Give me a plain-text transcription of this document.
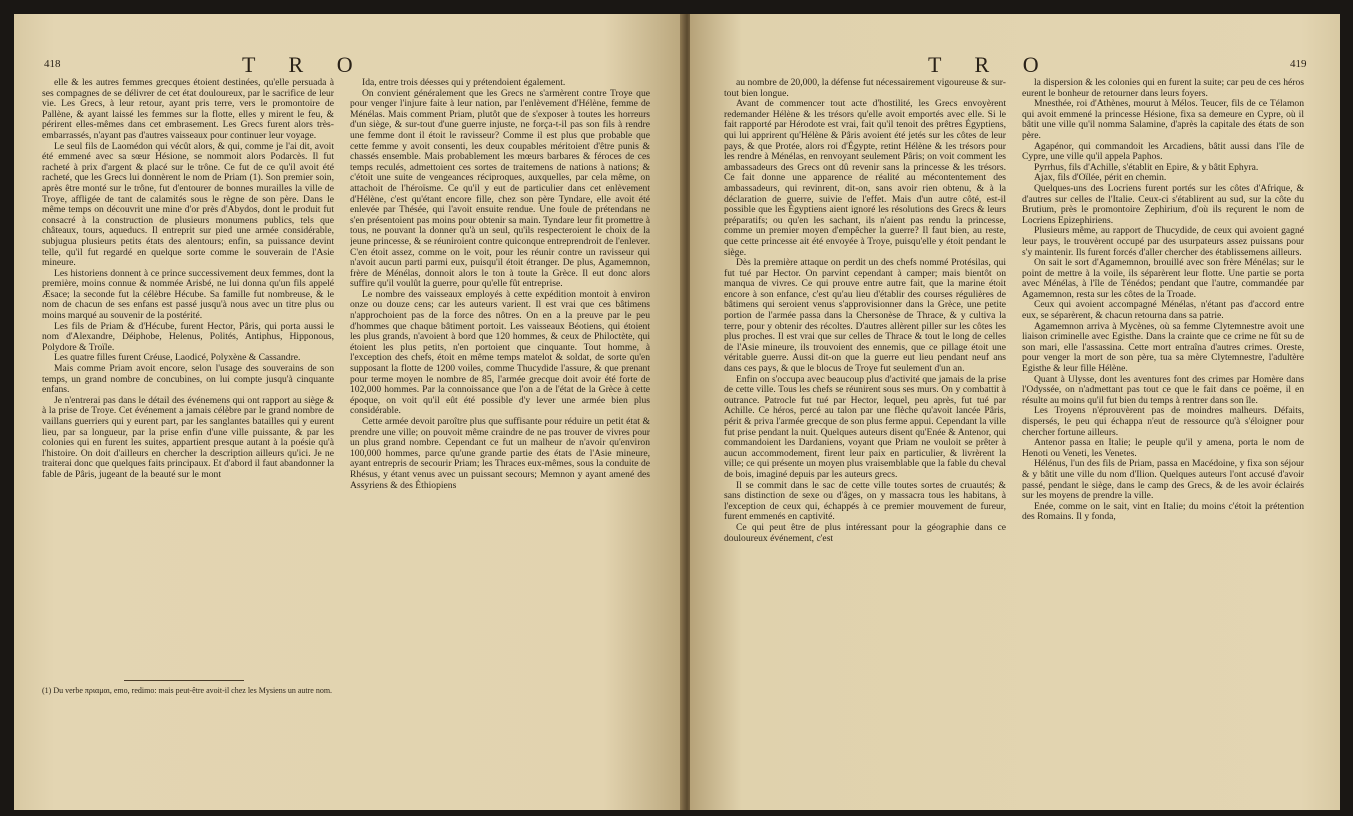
418	T R O

elle & les autres femmes grecques étoient destinées, qu'elle persuada à ses compagnes de se délivrer de cet état douloureux, par le sacrifice de leur vie. Les Grecs, à leur retour, ayant pris terre, vers le promontoire de Pallène, & ayant laissé les femmes sur la flotte, elles y mirent le feu, & périrent elles-mêmes dans cet embrasement. Les Grecs furent alors très-embarrassés, n'ayant pas d'autres vaisseaux pour continuer leur voyage.

Le seul fils de Laomédon qui vécût alors, & qui, comme je l'ai dit, avoit été emmené avec sa sœur Hésione, se nommoit alors Podarcès. Il fut racheté à prix d'argent & placé sur le trône. Ce fut de ce qu'il avoit été racheté, que les Grecs lui donnèrent le nom de Priam (1). Son premier soin, après être monté sur le trône, fut d'entourer de bonnes murailles la ville de Troye, affligée de tant de calamités sous le règne de son père. Dans le même temps on découvrit une mine d'or près d'Abydos, dont le produit fut consacré à la construction de plusieurs monumens publics, tels que châteaux, tours, aqueducs. Il entreprit sur pied une armée considérable, subjugua plusieurs petits états des alentours; enfin, sa puissance devint telle, qu'il fut regardé en quelque sorte comme le souverain de l'Asie mineure.

Les historiens donnent à ce prince successivement deux femmes, dont la première, moins connue & nommée Arisbé, ne lui donna qu'un fils appelé Æsace; la seconde fut la célèbre Hécube. Sa famille fut nombreuse, & le nom de chacun de ses enfans est passé jusqu'à nous avec un titre plus ou moins marqué au souvenir de la postérité.

Les fils de Priam & d'Hécube, furent Hector, Pâris, qui porta aussi le nom d'Alexandre, Déiphobe, Helenus, Polités, Antiphus, Hipponous, Polydore & Troïle.

Les quatre filles furent Créuse, Laodicé, Polyxène & Cassandre.

Mais comme Priam avoit encore, selon l'usage des souverains de son temps, un grand nombre de concubines, on lui compte jusqu'à cinquante enfans.

Je n'entrerai pas dans le détail des événemens qui ont rapport au siège & à la prise de Troye. Cet événement a jamais célèbre par le grand nombre de vaillans guerriers qui y eurent part, par les sanglantes batailles qui y eurent lieu, par sa longueur, par la prise enfin d'une ville puissante, & par les colonies qui en furent les suites, appartient presque autant à la poésie qu'à l'histoire. On doit d'ailleurs en chercher la description ailleurs qu'ici. Je ne traiterai donc que quelques faits principaux. Et d'abord il faut abandonner la fable de Pâris, jugeant de la beauté sur le mont

(1) Du verbe πριαμαι, emo, redimo: mais peut-être avoit-il chez les Mysiens un autre nom.

Ida, entre trois déesses qui y prétendoient également.

On convient généralement que les Grecs ne s'armèrent contre Troye que pour venger l'injure faite à leur nation, par l'enlèvement d'Hélène, femme de Ménélas. Mais comment Priam, plutôt que de s'exposer à toutes les horreurs d'un siège, & sur-tout d'une guerre injuste, ne força-t-il pas son fils à rendre une femme dont il étoit le ravisseur? Comme il est plus que probable que cette femme y avoit consenti, les deux coupables méritoient d'être punis & chassés ensemble. Mais probablement les mœurs barbares & féroces de ces temps reculés, admettoient ces sortes de traitemens de nations à nations; & c'étoit une suite de vengeances réciproques, auxquelles, par cela même, on attachoit de l'héroïsme. Ce qu'il y eut de particulier dans cet enlèvement d'Hélène, c'est qu'étant encore fille, chez son père Tyndare, elle avoit été enlevée par Thésée, qui l'avoit ensuite rendue. Une foule de prétendans ne s'en présentoient pas moins pour obtenir sa main. Tyndare leur fit promettre à tous, ne pouvant la donner qu'à un seul, qu'ils respecteroient le choix de la jeune princesse, & se réuniroient contre quiconque entreprendroit de l'enlever. C'en étoit assez, comme on le voit, pour les réunir contre un ravisseur qui n'avoit aucun parti parmi eux, puisqu'il étoit étranger. De plus, Agamemnon, frère de Ménélas, donnoit alors le ton à toute la Grèce. Il eut donc alors suffire qu'il voulût la guerre, pour qu'elle fût entreprise.

Le nombre des vaisseaux employés à cette expédition montoit à environ onze ou douze cens; car les auteurs varient. Il est vrai que ces bâtimens n'approchoient pas de la force des nôtres. On en a la preuve par le peu d'hommes que chaque bâtiment portoit. Les vaisseaux Béotiens, qui étoient les plus grands, n'avoient à bord que 120 hommes, & ceux de Philoctète, qui étoient les plus petits, n'en portoient que cinquante. Tout homme, à l'exception des chefs, étoit en même temps matelot & soldat, de sorte qu'en supposant la flotte de 1200 voiles, comme Thucydide l'assure, & que prenant pour terme moyen le nombre de 85, l'armée grecque doit avoir été forte de 102,000 hommes. Par la connoissance que l'on a de l'état de la Grèce à cette époque, on voit qu'il eût été possible d'y lever une armée bien plus considérable.

Cette armée devoit paroître plus que suffisante pour réduire un petit état & prendre une ville; on pouvoit même craindre de ne pas trouver de vivres pour un plus grand nombre. Cependant ce fut un malheur de n'avoir qu'environ 100,000 hommes, parce qu'une grande partie des états de l'Asie mineure, ayant entrepris de secourir Priam; les Thraces eux-mêmes, sous la conduite de Rhésus, y étant venus avec un puissant secours; Memnon y ayant amené des Assyriens & des Éthiopiens

T R O	419

au nombre de 20,000, la défense fut nécessairement vigoureuse & sur-tout bien longue.

Avant de commencer tout acte d'hostilité, les Grecs envoyèrent redemander Hélène & les trésors qu'elle avoit emportés avec elle. Si le fait rapporté par Hérodote est vrai, fait qu'il tenoit des prêtres Égyptiens, qui lui apprirent qu'Hélène & Pâris avoient été jetés sur les côtes de leur pays, & que Protée, alors roi d'Égypte, retint Hélène & les trésors pour les rendre à Ménélas, en renvoyant seulement Pâris; on voit comment les ambassadeurs des Grecs ont dû revenir sans la princesse & les trésors. Ce fait donne une apparence de réalité au mécontentement des ambassadeurs, qui revinrent, dit-on, sans avoir rien obtenu, & à la déclaration de guerre, suivie de l'effet. Mais d'un autre côté, est-il possible que les Égyptiens aient ignoré les résolutions des Grecs & leurs préparatifs; ou qu'en les sachant, ils n'aient pas rendu la princesse, comme un premier moyen d'empêcher la guerre? Il faut bien, au reste, que cette princesse ait été envoyée à Troye, puisqu'elle y étoit pendant le siège.

Dès la première attaque on perdit un des chefs nommé Protésilas, qui fut tué par Hector. On parvint cependant à camper; mais bientôt on manqua de vivres. Ce qui prouve entre autre fait, que la marine étoit encore à son enfance, c'est qu'au lieu d'établir des courses régulières de bâtimens qui seroient venus s'approvisionner dans la Grèce, une petite portion de l'armée passa dans la Chersonèse de Thrace, & y cultiva la terre, pour y obtenir des récoltes. D'autres allèrent piller sur les côtes les plus proches. Il est vrai que sur celles de Thrace & tout le long de celles de l'Asie mineure, ils trouvoient des ennemis, que ce pillage étoit une véritable guerre. Aussi dit-on que la guerre eut lieu pendant neuf ans dans ces pays, & que le blocus de Troye fut seulement d'un an.

Enfin on s'occupa avec beaucoup plus d'activité que jamais de la prise de cette ville. Tous les chefs se réunirent sous ses murs. On y combattit à outrance. Patrocle fut tué par Hector, lequel, peu après, fut tué par Achille. Ce héros, percé au talon par une flèche qu'avoit lancée Pâris, périt & priva l'armée grecque de son plus ferme appui. Cependant la ville fut prise pendant la nuit. Quelques auteurs disent qu'Enée & Antenor, qui commandoient les Dardaniens, voyant que Priam ne vouloit se prêter à aucun accommodement, firent leur paix en particulier, & livrèrent la ville; ce qui présente un moyen plus vraisemblable que la fable du cheval de bois, imaginé depuis par les auteurs grecs.

Il se commit dans le sac de cette ville toutes sortes de cruautés; & sans distinction de sexe ou d'âges, on y massacra tous les habitans, à l'exception de ceux qui, échappés à ce premier mouvement de fureur, furent emmenés en captivité.

Ce qui peut être de plus intéressant pour la géographie dans ce douloureux événement, c'est

la dispersion & les colonies qui en furent la suite; car peu de ces héros eurent le bonheur de retourner dans leurs foyers.

Mnesthée, roi d'Athènes, mourut à Mélos. Teucer, fils de ce Télamon qui avoit emmené la princesse Hésione, fixa sa demeure en Cypre, où il bâtit une ville qu'il nomma Salamine, d'après la capitale des états de son père.

Agapénor, qui commandoit les Arcadiens, bâtit aussi dans l'île de Cypre, une ville qu'il appela Paphos.

Pyrrhus, fils d'Achille, s'établit en Epire, & y bâtit Ephyra.

Ajax, fils d'Oïlée, périt en chemin.

Quelques-uns des Locriens furent portés sur les côtes d'Afrique, & d'autres sur celles de l'Italie. Ceux-ci s'établirent au sud, sur la côte du Brutium, près le promontoire Zephirium, d'où ils reçurent le nom de Locriens Epizephiriens.

Plusieurs même, au rapport de Thucydide, de ceux qui avoient gagné leur pays, le trouvèrent occupé par des usurpateurs assez puissans pour s'y maintenir. Ils furent forcés d'aller chercher des établissemens ailleurs.

On sait le sort d'Agamemnon, brouillé avec son frère Ménélas; sur le point de mettre à la voile, ils séparèrent leur flotte. Une partie se porta avec Ménélas, à l'île de Ténédos; pendant que l'autre, commandée par Agamemnon, resta sur les côtes de la Troade.

Ceux qui avoient accompagné Ménélas, n'étant pas d'accord entre eux, se séparèrent, & chacun retourna dans sa patrie.

Agamemnon arriva à Mycènes, où sa femme Clytemnestre avoit une liaison criminelle avec Egisthe. Dans la crainte que ce crime ne fût su de son mari, elle l'assassina. Cette mort entraîna d'autres crimes. Oreste, pour venger la mort de son père, tua sa mère Clytemnestre, l'adultère Egisthe & leur fille Hélène.

Quant à Ulysse, dont les aventures font des crimes par Homère dans l'Odyssée, on n'admettant pas tout ce que le fait dans ce poëme, il en résulte au moins qu'il fut bien du temps à rentrer dans son île.

Les Troyens n'éprouvèrent pas de moindres malheurs. Défaits, dispersés, le peu qui échappa n'eut de ressource qu'à s'éloigner pour chercher fortune ailleurs.

Antenor passa en Italie; le peuple qu'il y amena, porta le nom de Henoti ou Veneti, les Venetes.

Hélénus, l'un des fils de Priam, passa en Macédoine, y fixa son séjour & y bâtit une ville du nom d'Ilion. Quelques auteurs l'ont accusé d'avoir passé, pendant le siège, dans le camp des Grecs, & de les avoir éclairés sur les moyens de prendre la ville.

Enée, comme on le sait, vint en Italie; du moins c'étoit la prétention des Romains. Il y fonda,
